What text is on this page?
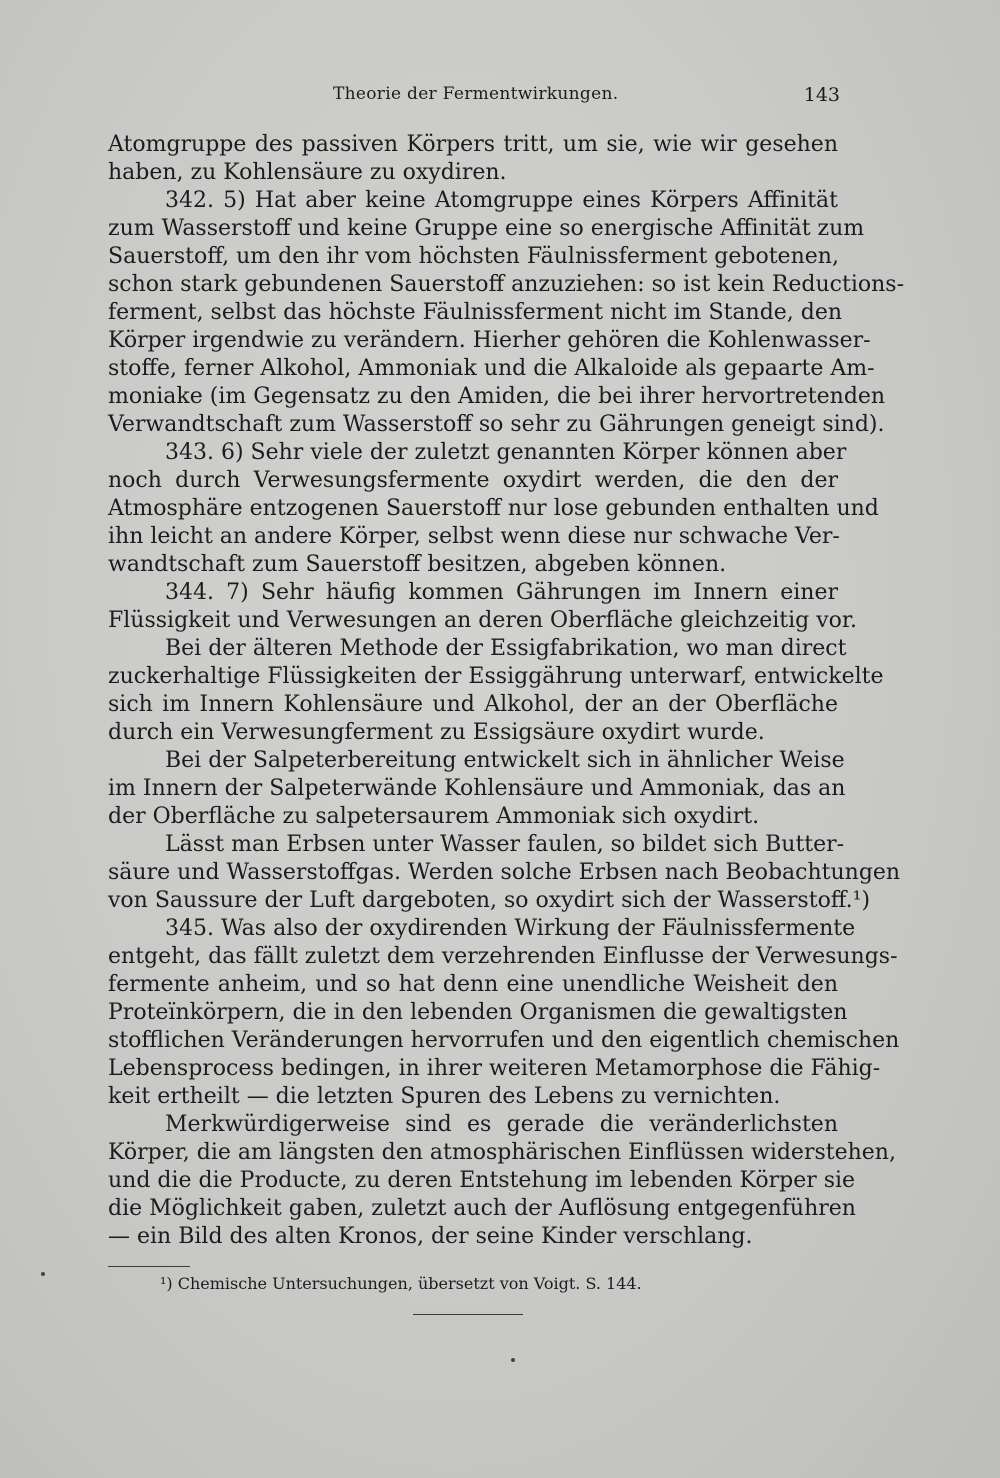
Theorie der Fermentwirkungen.	143
Atomgruppe des passiven Körpers tritt, um sie, wie wir gesehen
haben, zu Kohlensäure zu oxydiren.
342. 5) Hat aber keine Atomgruppe eines Körpers Affinität
zum Wasserstoff und keine Gruppe eine so energische Affinität zum
Sauerstoff, um den ihr vom höchsten Fäulnissferment gebotenen,
schon stark gebundenen Sauerstoff anzuziehen: so ist kein Reductions-
ferment, selbst das höchste Fäulnissferment nicht im Stande, den
Körper irgendwie zu verändern. Hierher gehören die Kohlenwasser-
stoffe, ferner Alkohol, Ammoniak und die Alkaloide als gepaarte Am-
moniake (im Gegensatz zu den Amiden, die bei ihrer hervortretenden
Verwandtschaft zum Wasserstoff so sehr zu Gährungen geneigt sind).
343. 6) Sehr viele der zuletzt genannten Körper können aber
noch durch Verwesungsfermente oxydirt werden, die den der
Atmosphäre entzogenen Sauerstoff nur lose gebunden enthalten und
ihn leicht an andere Körper, selbst wenn diese nur schwache Ver-
wandtschaft zum Sauerstoff besitzen, abgeben können.
344. 7) Sehr häufig kommen Gährungen im Innern einer
Flüssigkeit und Verwesungen an deren Oberfläche gleichzeitig vor.
Bei der älteren Methode der Essigfabrikation, wo man direct
zuckerhaltige Flüssigkeiten der Essiggährung unterwarf, entwickelte
sich im Innern Kohlensäure und Alkohol, der an der Oberfläche
durch ein Verwesungferment zu Essigsäure oxydirt wurde.
Bei der Salpeterbereitung entwickelt sich in ähnlicher Weise
im Innern der Salpeterwände Kohlensäure und Ammoniak, das an
der Oberfläche zu salpetersaurem Ammoniak sich oxydirt.
Lässt man Erbsen unter Wasser faulen, so bildet sich Butter-
säure und Wasserstoffgas. Werden solche Erbsen nach Beobachtungen
von Saussure der Luft dargeboten, so oxydirt sich der Wasserstoff.¹)
345. Was also der oxydirenden Wirkung der Fäulnissfermente
entgeht, das fällt zuletzt dem verzehrenden Einflusse der Verwesungs-
fermente anheim, und so hat denn eine unendliche Weisheit den
Proteïnkörpern, die in den lebenden Organismen die gewaltigsten
stofflichen Veränderungen hervorrufen und den eigentlich chemischen
Lebensprocess bedingen, in ihrer weiteren Metamorphose die Fähig-
keit ertheilt — die letzten Spuren des Lebens zu vernichten.
Merkwürdigerweise sind es gerade die veränderlichsten
Körper, die am längsten den atmosphärischen Einflüssen widerstehen,
und die die Producte, zu deren Entstehung im lebenden Körper sie
die Möglichkeit gaben, zuletzt auch der Auflösung entgegenführen
— ein Bild des alten Kronos, der seine Kinder verschlang.
¹) Chemische Untersuchungen, übersetzt von Voigt. S. 144.
